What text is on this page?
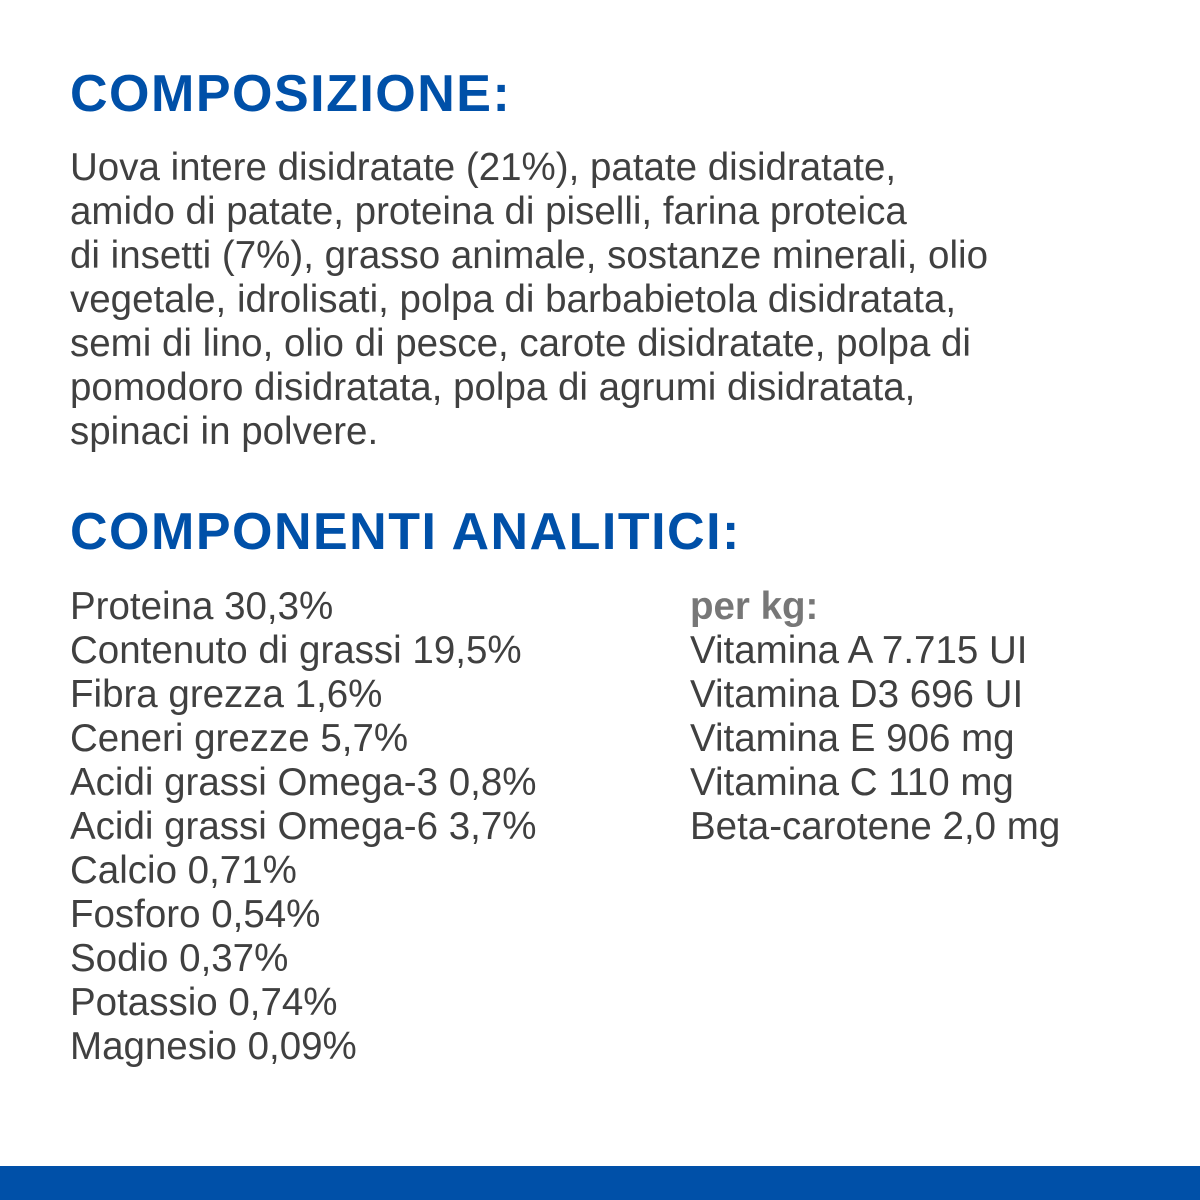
COMPOSIZIONE:
Uova intere disidratate (21%), patate disidratate,
amido di patate, proteina di piselli, farina proteica
di insetti (7%), grasso animale, sostanze minerali, olio
vegetale, idrolisati, polpa di barbabietola disidratata,
semi di lino, olio di pesce, carote disidratate, polpa di
pomodoro disidratata, polpa di agrumi disidratata,
spinaci in polvere.
COMPONENTI ANALITICI:
Proteina 30,3%
Contenuto di grassi 19,5%
Fibra grezza 1,6%
Ceneri grezze 5,7%
Acidi grassi Omega-3 0,8%
Acidi grassi Omega-6 3,7%
Calcio 0,71%
Fosforo 0,54%
Sodio 0,37%
Potassio 0,74%
Magnesio 0,09%
per kg:
Vitamina A 7.715 UI
Vitamina D3 696 UI
Vitamina E 906 mg
Vitamina C 110 mg
Beta-carotene 2,0 mg
